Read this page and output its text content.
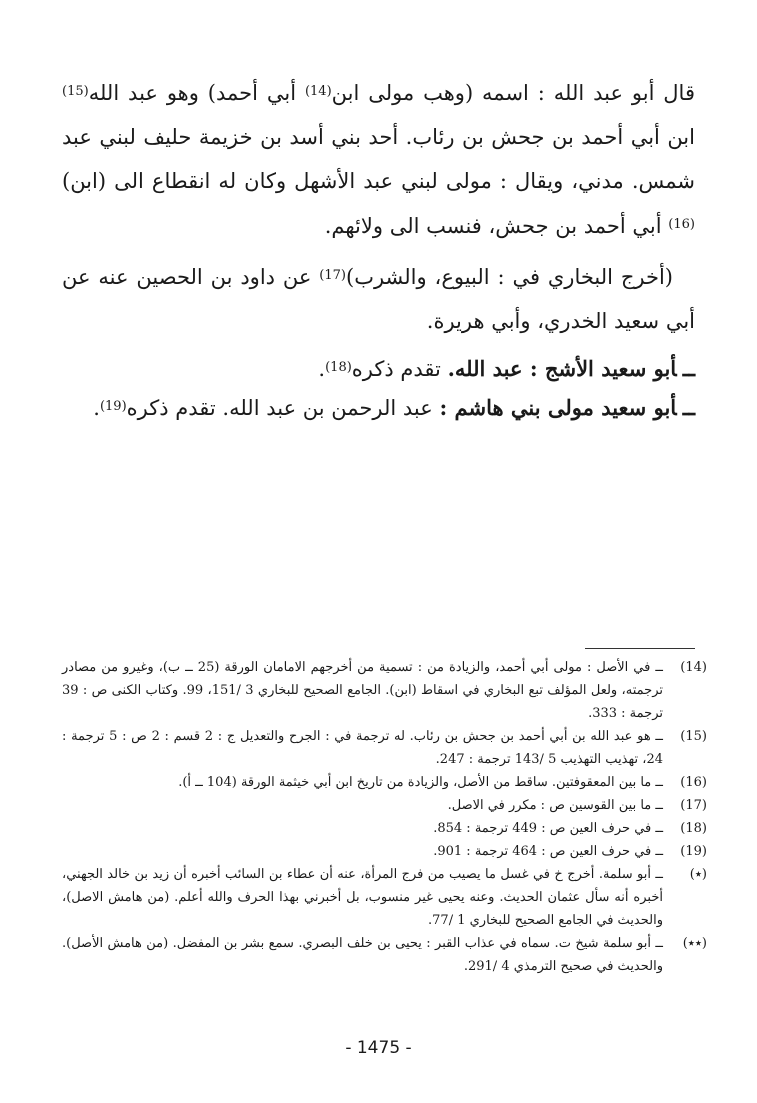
قال أبو عبد الله : اسمه (وهب مولى ابن$^{(14)}$ أبي أحمد) وهو عبد الله$^{(15)}$ ابن أبي أحمد بن جحش بن رئاب. أحد بني أسد بن خزيمة حليف لبني عبد شمس. مدني، ويقال : مولى لبني عبد الأشهل وكان له انقطاع الى (ابن)$^{(16)}$ أبي أحمد بن جحش، فنسب الى ولائهم.

(أخرج البخاري في : البيوع، والشرب)$^{(17)}$ عن داود بن الحصين عنه عن أبي سعيد الخدري، وأبي هريرة.

ــأبو سعيد الأشج : عبد الله. تقدم ذكره$^{(18)}$.

ــأبو سعيد مولى بني هاشم : عبد الرحمن بن عبد الله. تقدم ذكره$^{(19)}$.

(14)
ــ في الأصل : مولى أبي أحمد، والزيادة من : تسمية من أخرجهم الامامان الورقة (25 ــ ب)، وغيرو من مصادر ترجمته، ولعل المؤلف تبع البخاري في اسقاط (ابن). الجامع الصحيح للبخاري 3 /151، 99. وكتاب الكنى ص : 39 ترجمة : 333.
(15)
ــ هو عبد الله بن أبي أحمد بن جحش بن رئاب. له ترجمة في : الجرح والتعديل ج : 2 قسم : 2 ص : 5 ترجمة : 24، تهذيب التهذيب 5 /143 ترجمة : 247.
(16)
ــ ما بين المعقوفتين. ساقط من الأصل، والزيادة من تاريخ ابن أبي خيثمة الورقة (104 ــ أ).
(17)
ــ ما بين القوسين ص : مكرر في الاصل.
(18)
ــ في حرف العين ص : 449 ترجمة : 854.
(19)
ــ في حرف العين ص : 464 ترجمة : 901.
(٭)
ــ أبو سلمة. أخرج خ في غسل ما يصيب من فرج المرأة، عنه أن عطاء بن السائب أخبره أن زيد بن خالد الجهني، أخبره أنه سأل عثمان الحديث. وعنه يحيى غير منسوب، بل أخبرني بهذا الحرف والله أعلم. (من هامش الاصل)، والحديث في الجامع الصحيح للبخاري 1 /77.
(٭٭)
ــ أبو سلمة شيخ ت. سماه في عذاب القبر : يحيى بن خلف البصري. سمع بشر بن المفضل. (من هامش الأصل). والحديث في صحيح الترمذي 4 /291.
- 1475 -
